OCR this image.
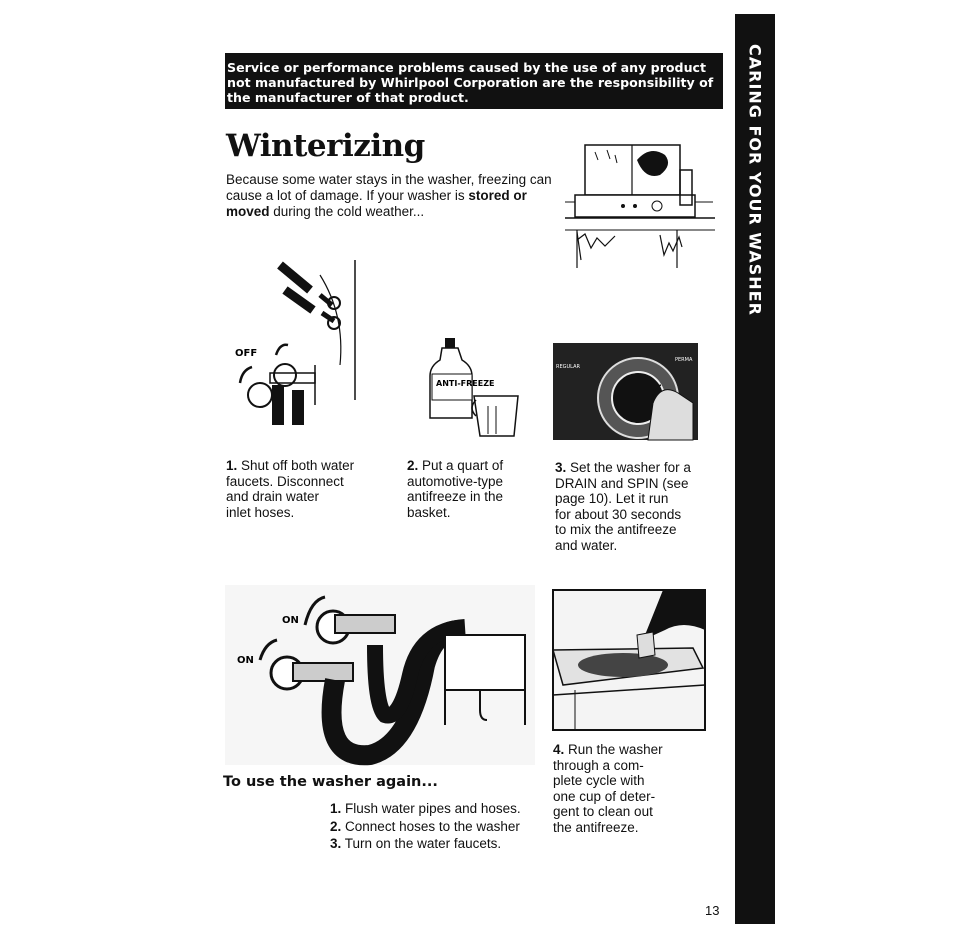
Service or performance problems caused by the use of any product
not manufactured by Whirlpool Corporation are the responsibility of
the manufacturer of that product.	CARING FOR YOUR WASHER
Winterizing
Because some water stays in the washer, freezing can cause a lot of damage. If your washer is stored or moved during the cold weather...
OFF
ANTI-FREEZE
REGULAR
PERMA
ON
ON
1. Shut off both water
faucets. Disconnect
and drain water
inlet hoses.
2. Put a quart of
automotive-type
antifreeze in the
basket.
3. Set the washer for a
DRAIN and SPIN (see
page 10). Let it run
for about 30 seconds
to mix the antifreeze
and water.
4. Run the washer
through a com-
plete cycle with
one cup of deter-
gent to clean out
the antifreeze.
To use the washer again...
1. Flush water pipes and hoses.
2. Connect hoses to the washer
3. Turn on the water faucets.
13
